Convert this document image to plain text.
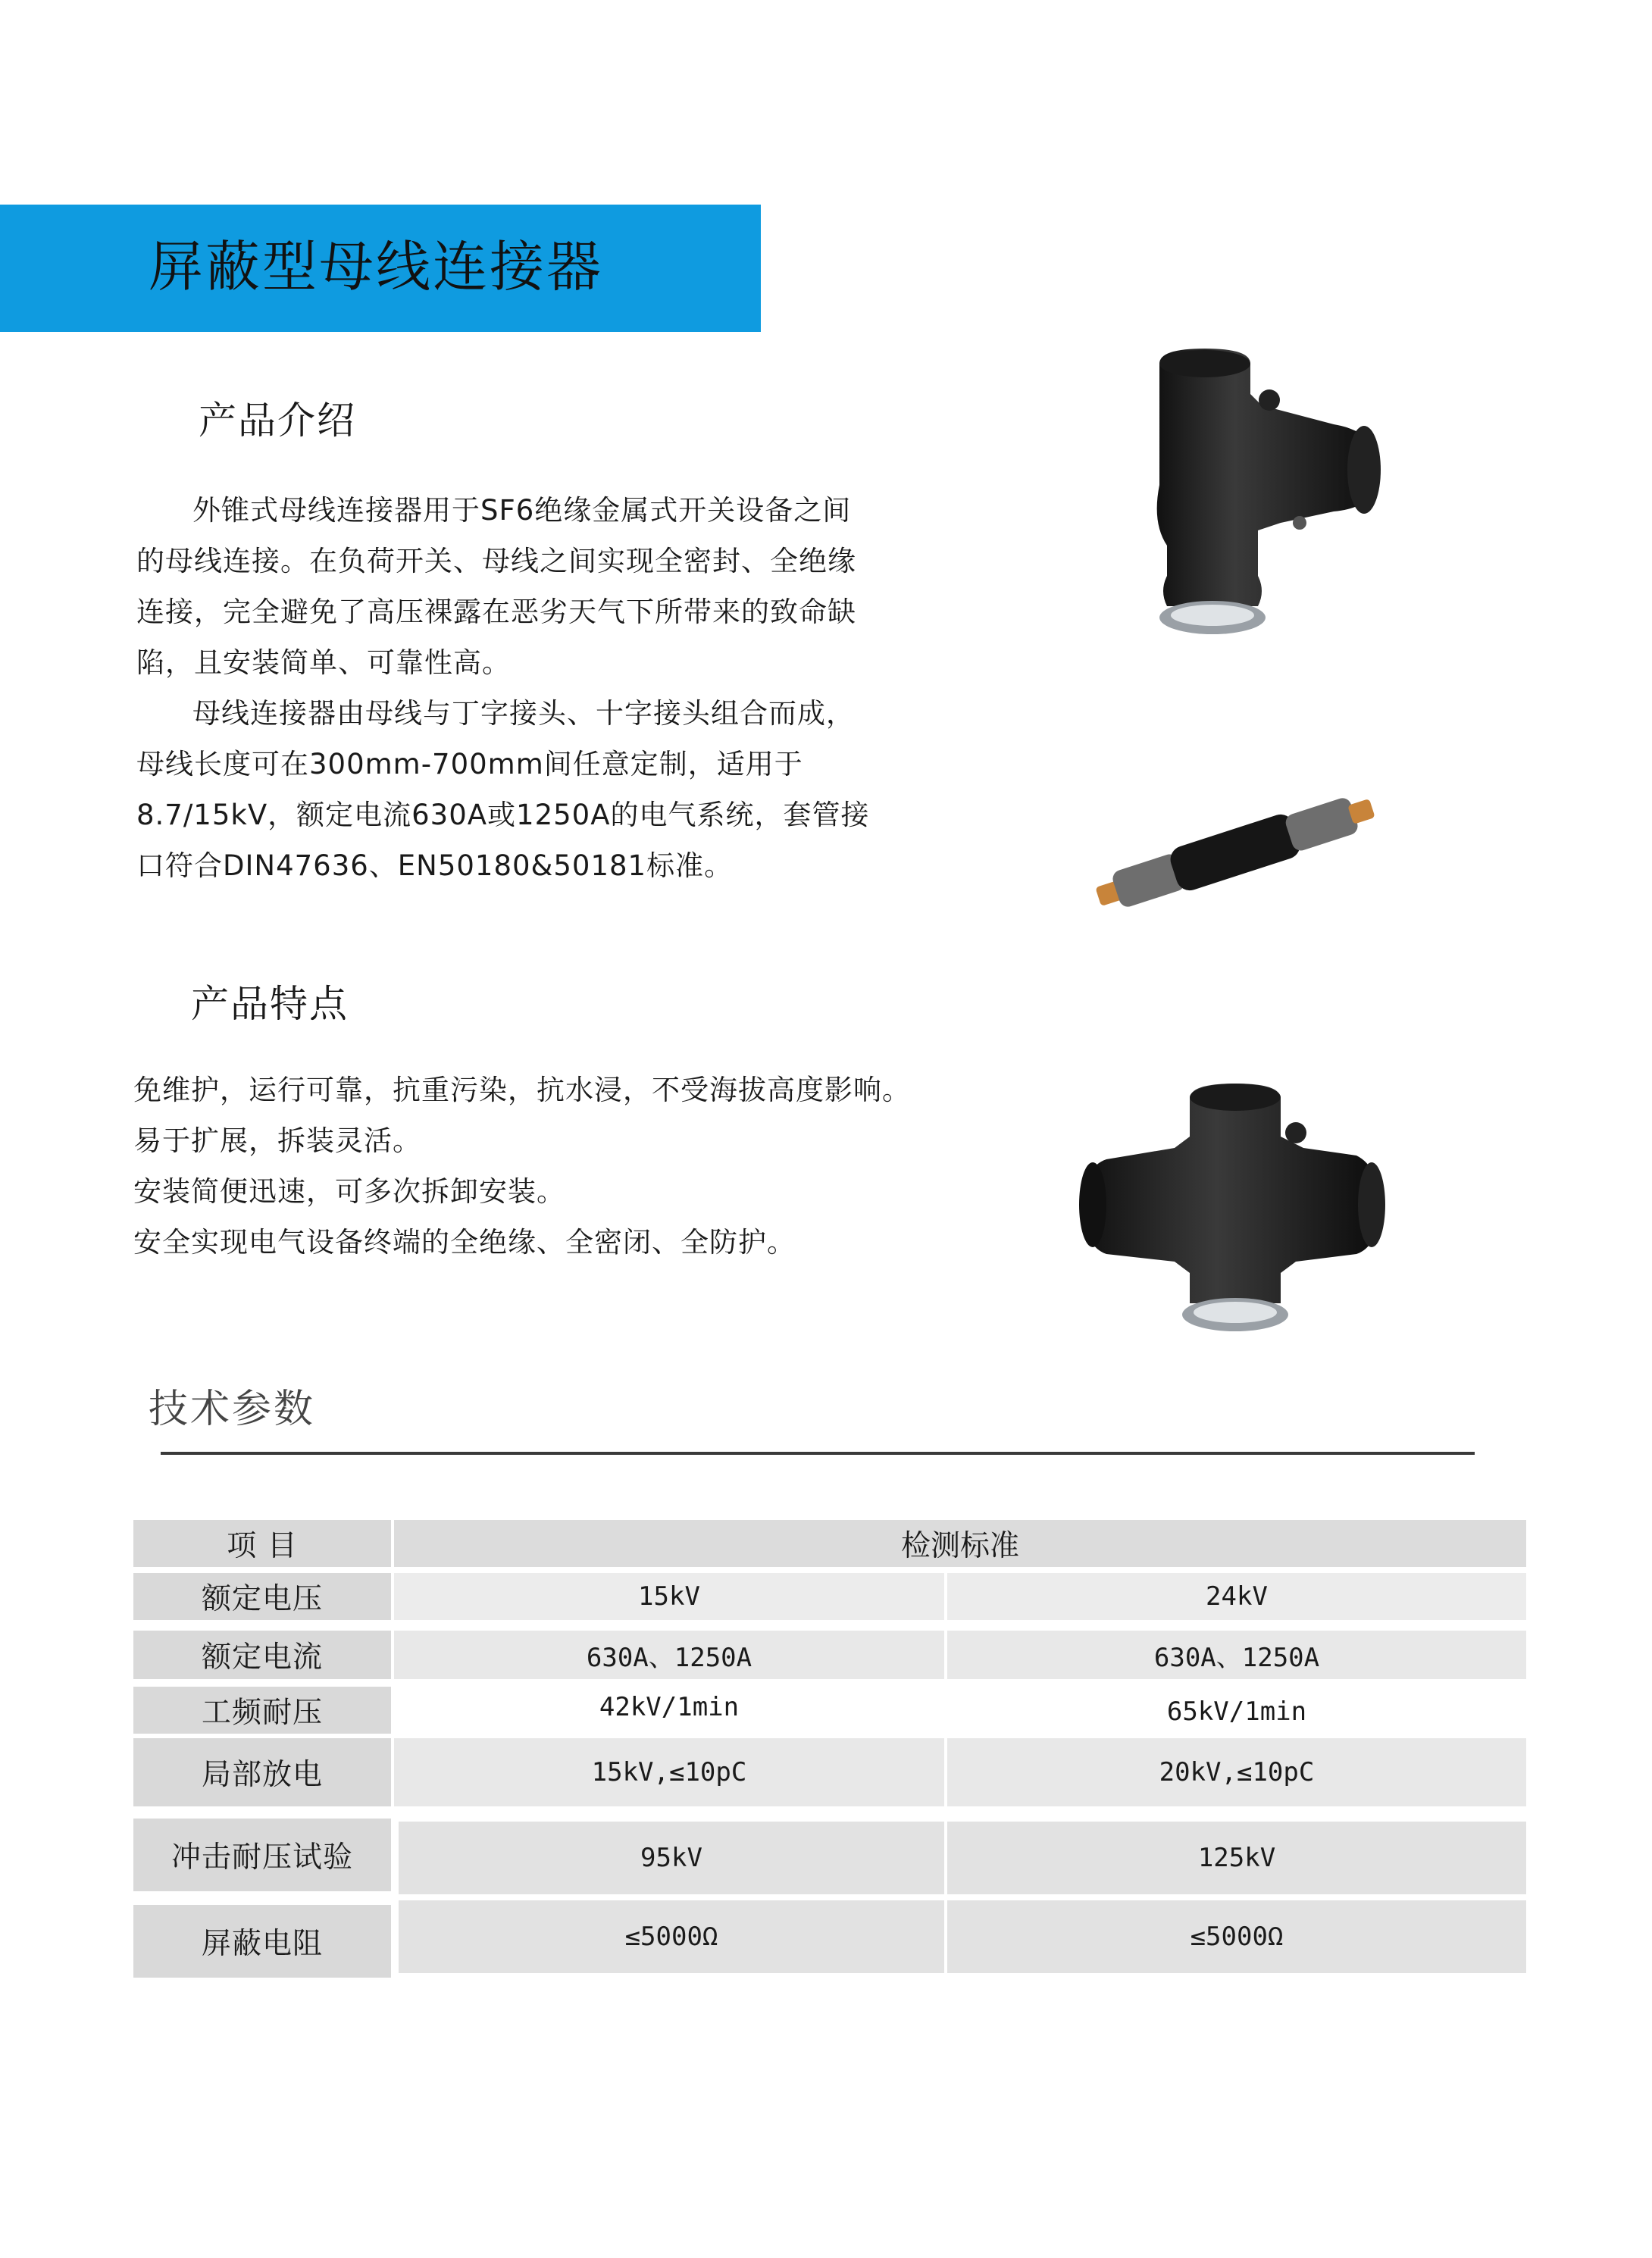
屏蔽型母线连接器
产品介绍

外锥式母线连接器用于SF6绝缘金属式开关设备之间的母线连接。在负荷开关、母线之间实现全密封、全绝缘连接，完全避免了高压裸露在恶劣天气下所带来的致命缺陷，且安装简单、可靠性高。

母线连接器由母线与丁字接头、十字接头组合而成，母线长度可在300mm-700mm间任意定制，适用于8.7/15kV，额定电流630A或1250A的电气系统，套管接口符合DIN47636、EN50180&50181标准。

产品特点
免维护，运行可靠，抗重污染，抗水浸，不受海拔高度影响。
易于扩展，拆装灵活。
安装简便迅速，可多次拆卸安装。
安全实现电气设备终端的全绝缘、全密闭、全防护。
技术参数
项 目	检测标准
额定电压	15kV	24kV
额定电流	630A、1250A	630A、1250A
工频耐压	42kV/1min	65kV/1min
局部放电	15kV,≤10pC	20kV,≤10pC
冲击耐压试验	95kV	125kV
屏蔽电阻	≤5000Ω	≤5000Ω
